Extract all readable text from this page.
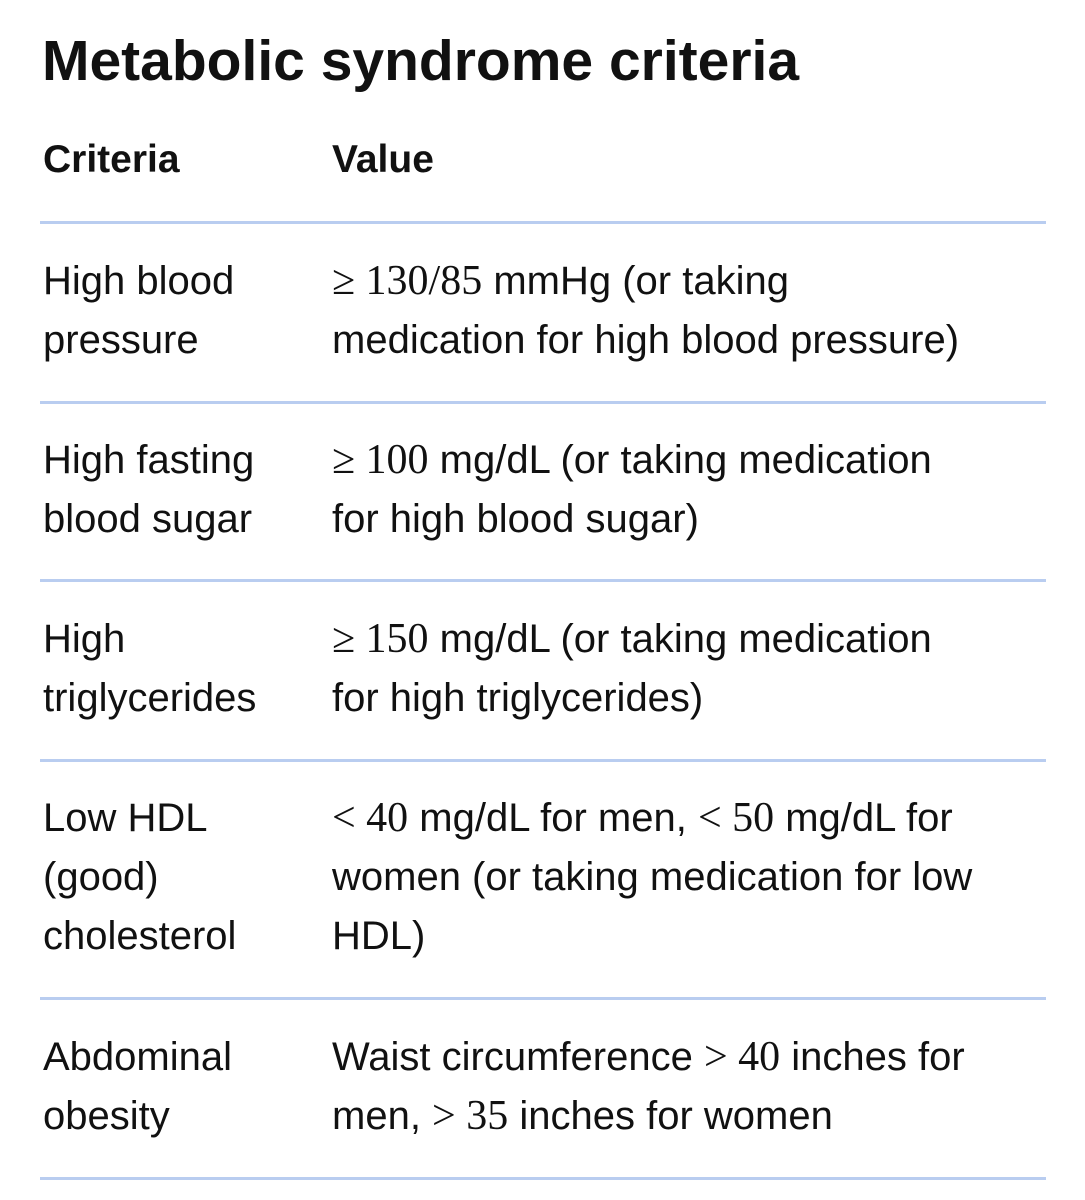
Metabolic syndrome criteria
Criteria	Value
High blood
pressure
≥ 130/85 mmHg (or taking
medication for high blood pressure)
High fasting
blood sugar
≥ 100 mg/dL (or taking medication
for high blood sugar)
High
triglycerides
≥ 150 mg/dL (or taking medication
for high triglycerides)
Low HDL
(good)
cholesterol
< 40 mg/dL for men, < 50 mg/dL for
women (or taking medication for low
HDL)
Abdominal
obesity
Waist circumference > 40 inches for
men, > 35 inches for women
